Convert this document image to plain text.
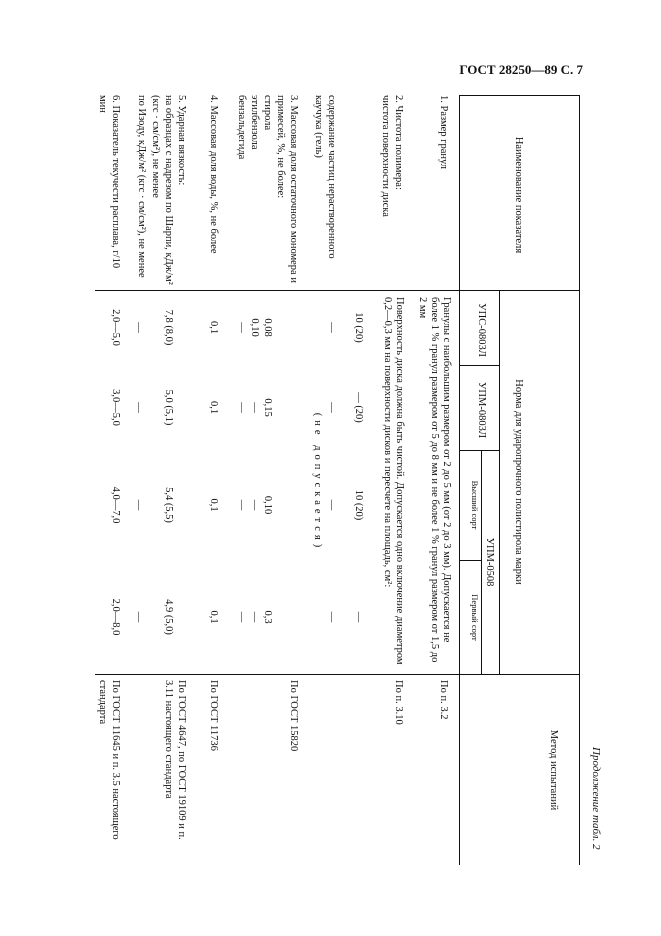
ГОСТ 28250—89 С. 7
Продолжение табл. 2
Метод испытаний
Норма для ударопрочного полистирола марки
Наименование показателя
УПС-0803Л
УПМ-0803Л
УПМ-0508
Высший сорт
Первый сорт
1. Размер гранул
Гранулы с наибольшим размером от 2 до 5 мм (от 2 до 3 мм). Допускается не более 1 % гранул размером от 5 до 8 мм и не более 1 % гранул размером от 1,5 до 2 мм
По п. 3.2
2. Чистота полимера:
чистота поверхности диска
Поверхность диска должна быть чистой. Допускается одно включение диаметром 0,2—0,3 мм на поверхности дисков и пересчете на площадь, см²:
По п. 3.10
10 (20)
— (20)
10 (20)
—
содержание частиц нерастворенного каучука (гель)
—
—
—
—
(не допускается)
3. Массовая доля остаточного мономера и примесей, %, не более:
стирола
этилбензола
бензальдегида
0,08
0,10
—
0,15
—
—
0,10
—
—
0,3
—
—
По ГОСТ 15820
4. Массовая доля воды, %, не более
0,1
0,1
0,1
0,1
По ГОСТ 11736
5. Ударная вязкость:
на образцах с надрезом по Шарпи, кДж/м² (кгс · см/см²), не менее
по Изоду, кДж/м² (кгс · см/см²), не менее
7,8 (8,0)
5,0 (5,1)
5,4 (5,5)
4,9 (5,0)
—
—
—
—
По ГОСТ 4647, по ГОСТ 19109 и п. 3.11 настоящего стандарта
6. Показатель текучести расплава, г/10 мин
2,0—5,0
3,0—5,0
4,0—7,0
2,0—8,0
По ГОСТ 11645 и п. 3.5 настоящего стандарта
